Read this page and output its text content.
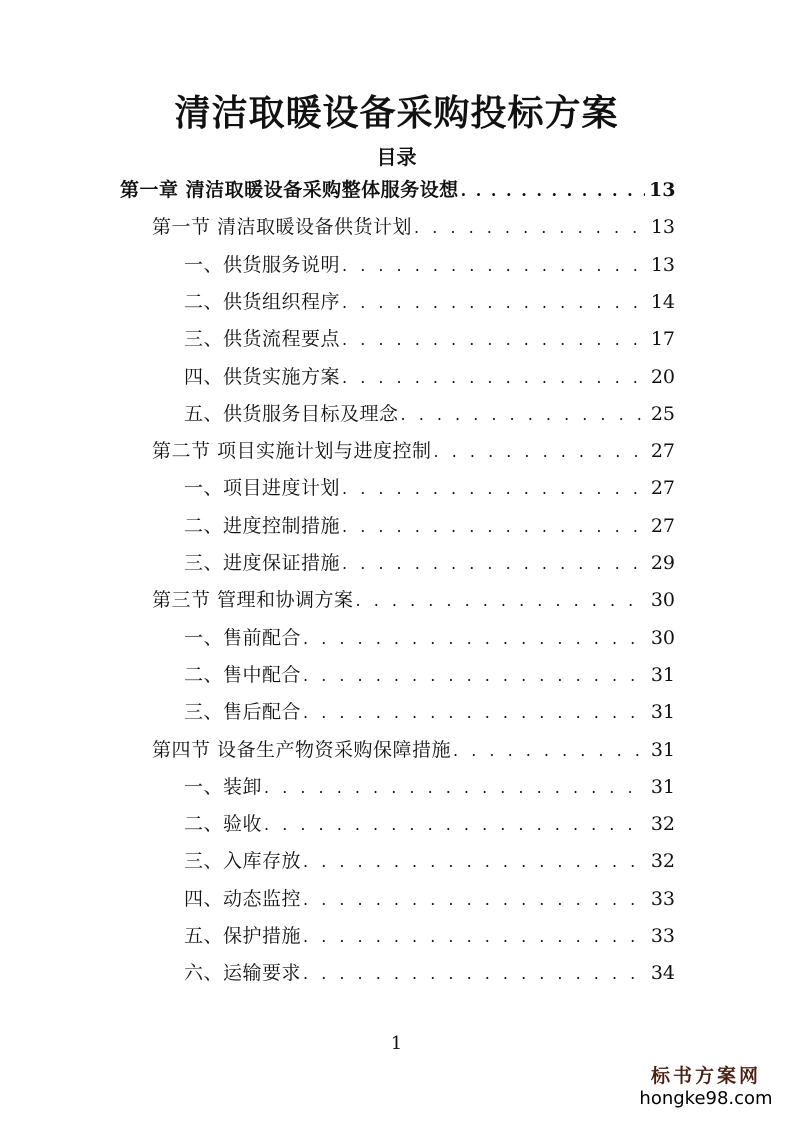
清洁取暖设备采购投标方案
目录
第一章 清洁取暖设备采购整体服务设想 . . .	13
第一节 清洁取暖设备供货计划 . . .	13
一、供货服务说明 . . .	13
二、供货组织程序 . . .	14
三、供货流程要点 . . .	17
四、供货实施方案 . . .	20
五、供货服务目标及理念 . . .	25
第二节 项目实施计划与进度控制 . . .	27
一、项目进度计划 . . .	27
二、进度控制措施 . . .	27
三、进度保证措施 . . .	29
第三节 管理和协调方案 . . .	30
一、售前配合 . . .	30
二、售中配合 . . .	31
三、售后配合 . . .	31
第四节 设备生产物资采购保障措施 . . .	31
一、装卸 . . .	31
二、验收 . . .	32
三、入库存放 . . .	32
四、动态监控 . . .	33
五、保护措施 . . .	33
六、运输要求 . . .	34
1
标书方案网
hongke98.com
